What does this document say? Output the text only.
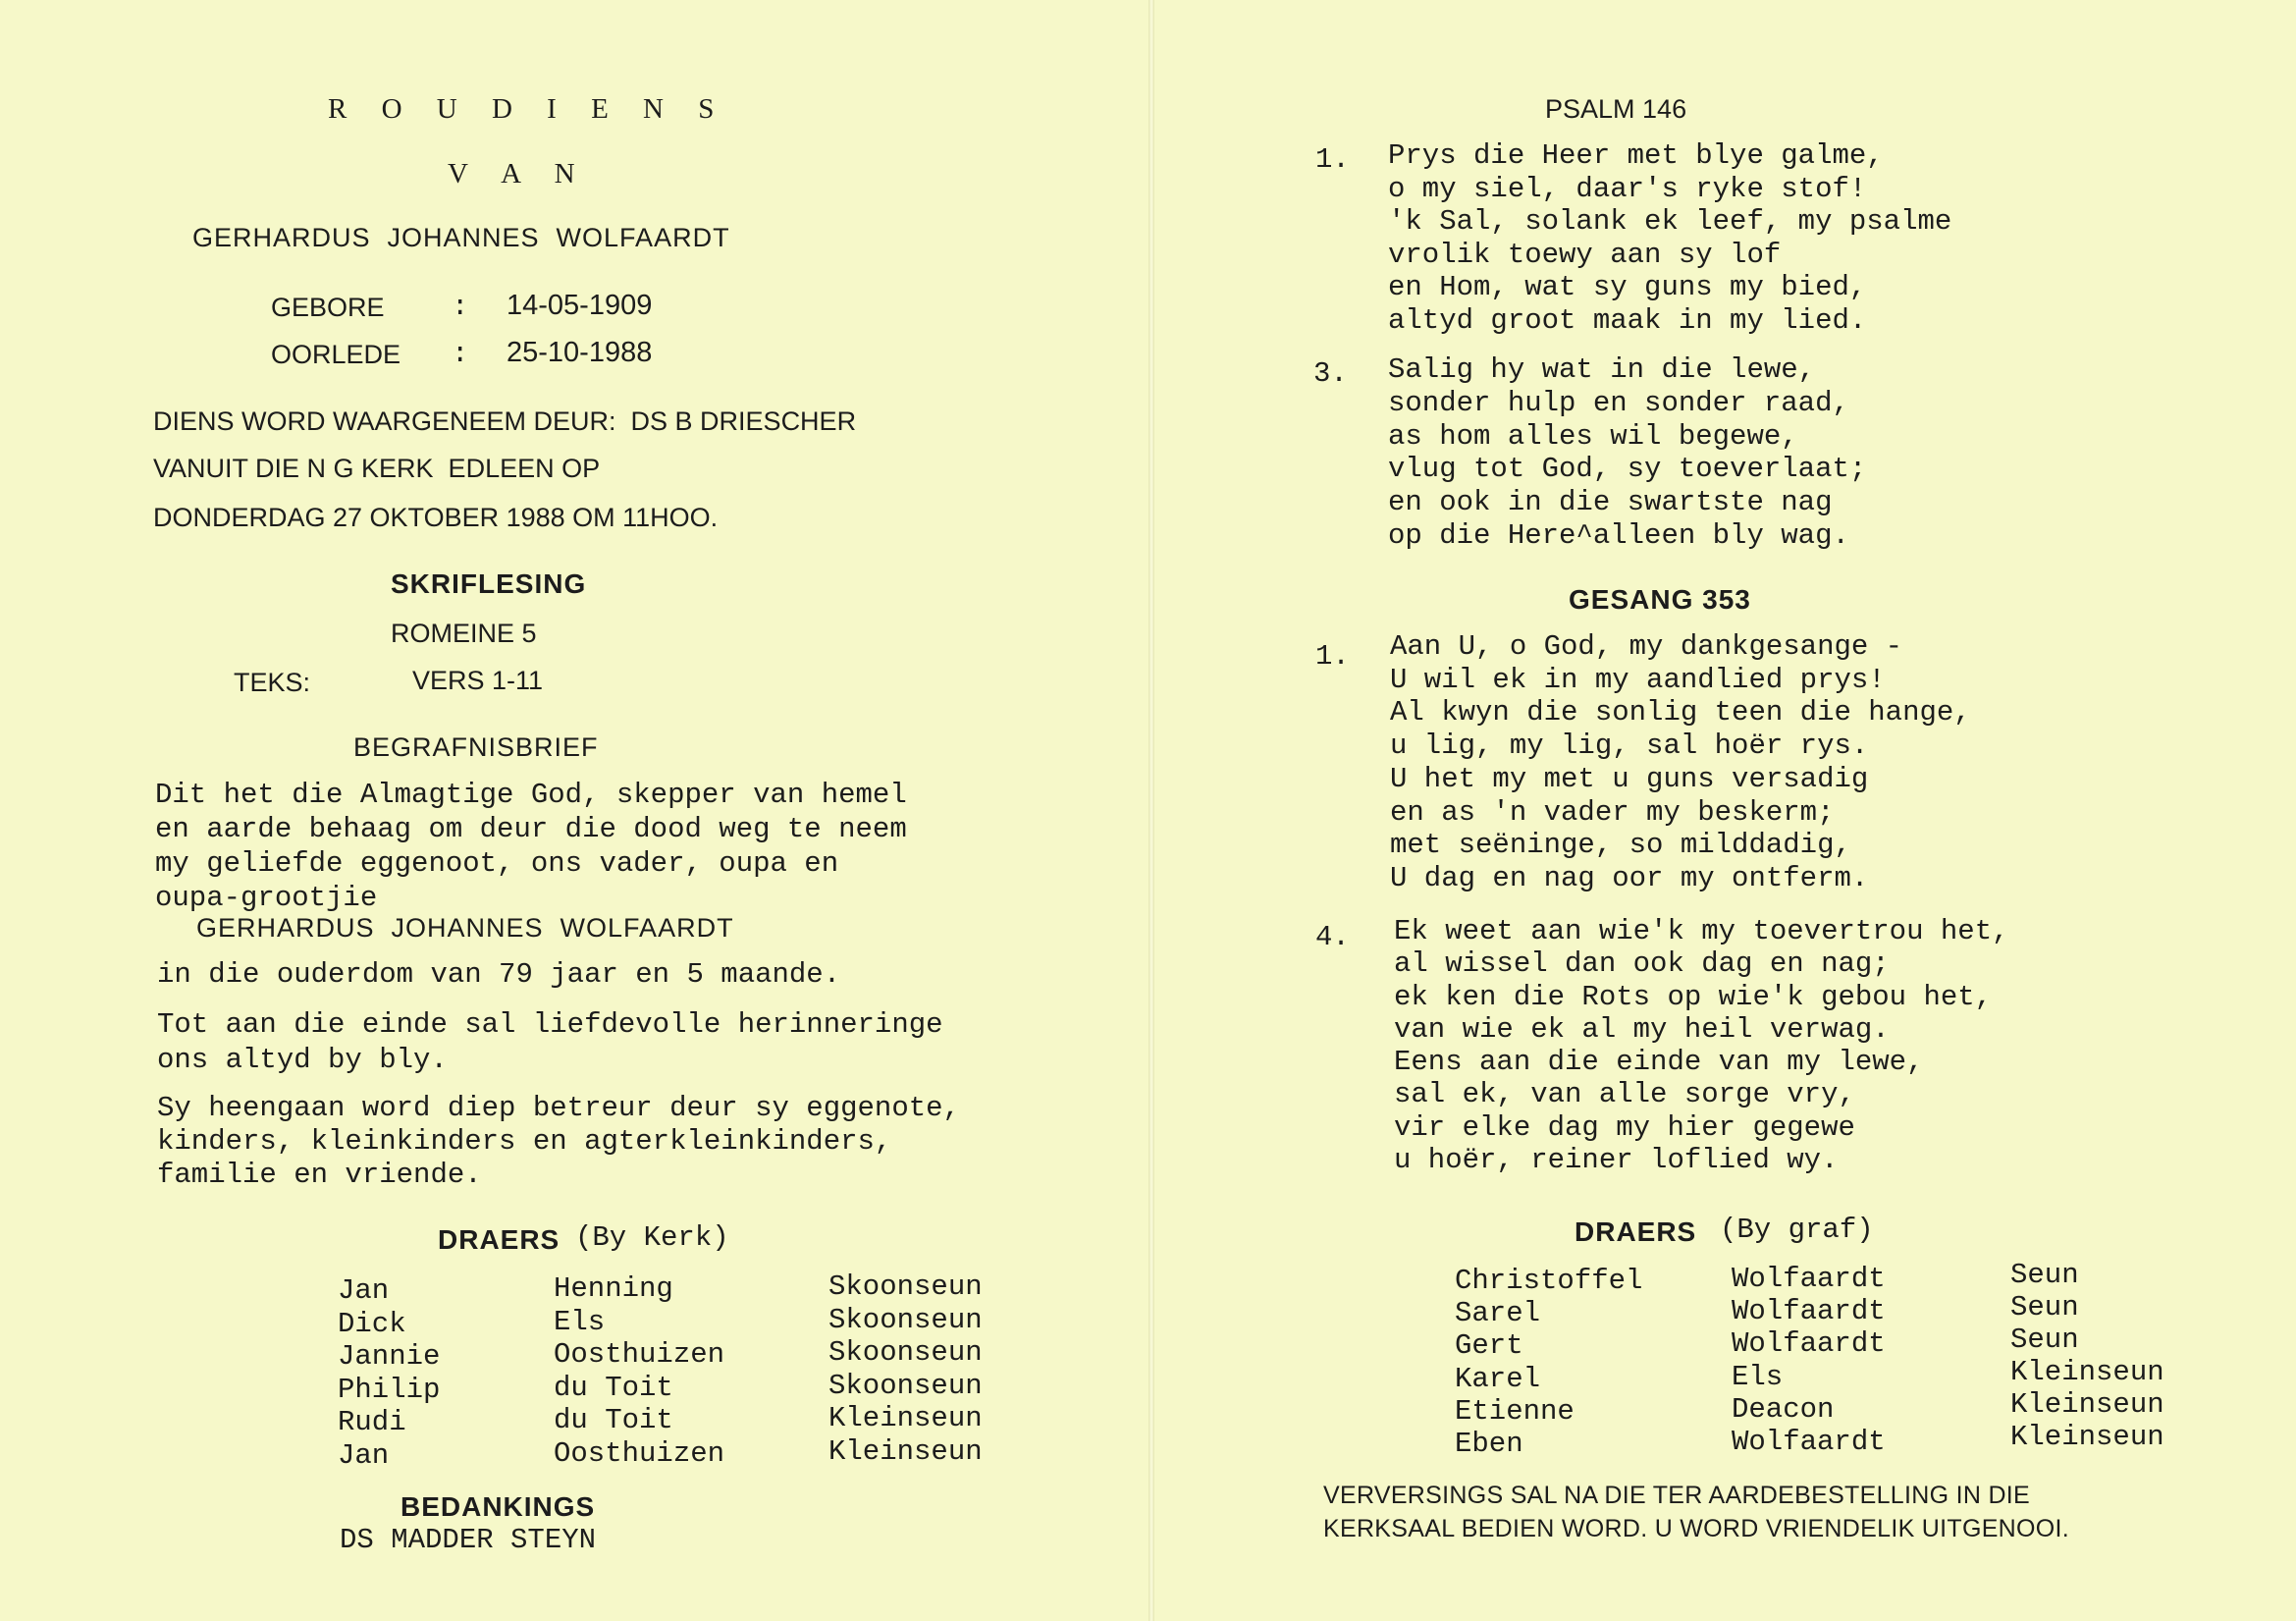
R O U D I E N S
V A N
GERHARDUS  JOHANNES  WOLFAARDT
GEBORE : 14-05-1909
OORLEDE : 25-10-1988
DIENS WORD WAARGENEEM DEUR:  DS B DRIESCHER
VANUIT DIE N G KERK  EDLEEN OP
DONDERDAG 27 OKTOBER 1988 OM 11HOO.
SKRIFLESING
ROMEINE 5
TEKS:	VERS 1-11
BEGRAFNISBRIEF
Dit het die Almagtige God, skepper van hemel
en aarde behaag om deur die dood weg te neem
my geliefde eggenoot, ons vader, oupa en
oupa-grootjie
GERHARDUS  JOHANNES  WOLFAARDT
in die ouderdom van 79 jaar en 5 maande.
Tot aan die einde sal liefdevolle herinneringe
ons altyd by bly.
Sy heengaan word diep betreur deur sy eggenote,
kinders, kleinkinders en agterkleinkinders,
familie en vriende.
DRAERS (By Kerk)
Jan
Dick
Jannie
Philip
Rudi
Jan
Henning
Els
Oosthuizen
du Toit
du Toit
Oosthuizen
Skoonseun
Skoonseun
Skoonseun
Skoonseun
Kleinseun
Kleinseun
BEDANKINGS
DS MADDER STEYN
PSALM 146
1. Prys die Heer met blye galme,
o my siel, daar's ryke stof!
'k Sal, solank ek leef, my psalme
vrolik toewy aan sy lof
en Hom, wat sy guns my bied,
altyd groot maak in my lied.
3. Salig hy wat in die lewe,
sonder hulp en sonder raad,
as hom alles wil begewe,
vlug tot God, sy toeverlaat;
en ook in die swartste nag
op die Here^alleen bly wag.
GESANG 353
1. Aan U, o God, my dankgesange -
U wil ek in my aandlied prys!
Al kwyn die sonlig teen die hange,
u lig, my lig, sal hoër rys.
U het my met u guns versadig
en as 'n vader my beskerm;
met seëninge, so milddadig,
U dag en nag oor my ontferm.
4. Ek weet aan wie'k my toevertrou het,
al wissel dan ook dag en nag;
ek ken die Rots op wie'k gebou het,
van wie ek al my heil verwag.
Eens aan die einde van my lewe,
sal ek, van alle sorge vry,
vir elke dag my hier gegewe
u hoër, reiner loflied wy.
DRAERS (By graf)
Christoffel
Sarel
Gert
Karel
Etienne
Eben
Wolfaardt
Wolfaardt
Wolfaardt
Els
Deacon
Wolfaardt
Seun
Seun
Seun
Kleinseun
Kleinseun
Kleinseun
VERVERSINGS SAL NA DIE TER AARDEBESTELLING IN DIE
KERKSAAL BEDIEN WORD. U WORD VRIENDELIK UITGENOOI.
